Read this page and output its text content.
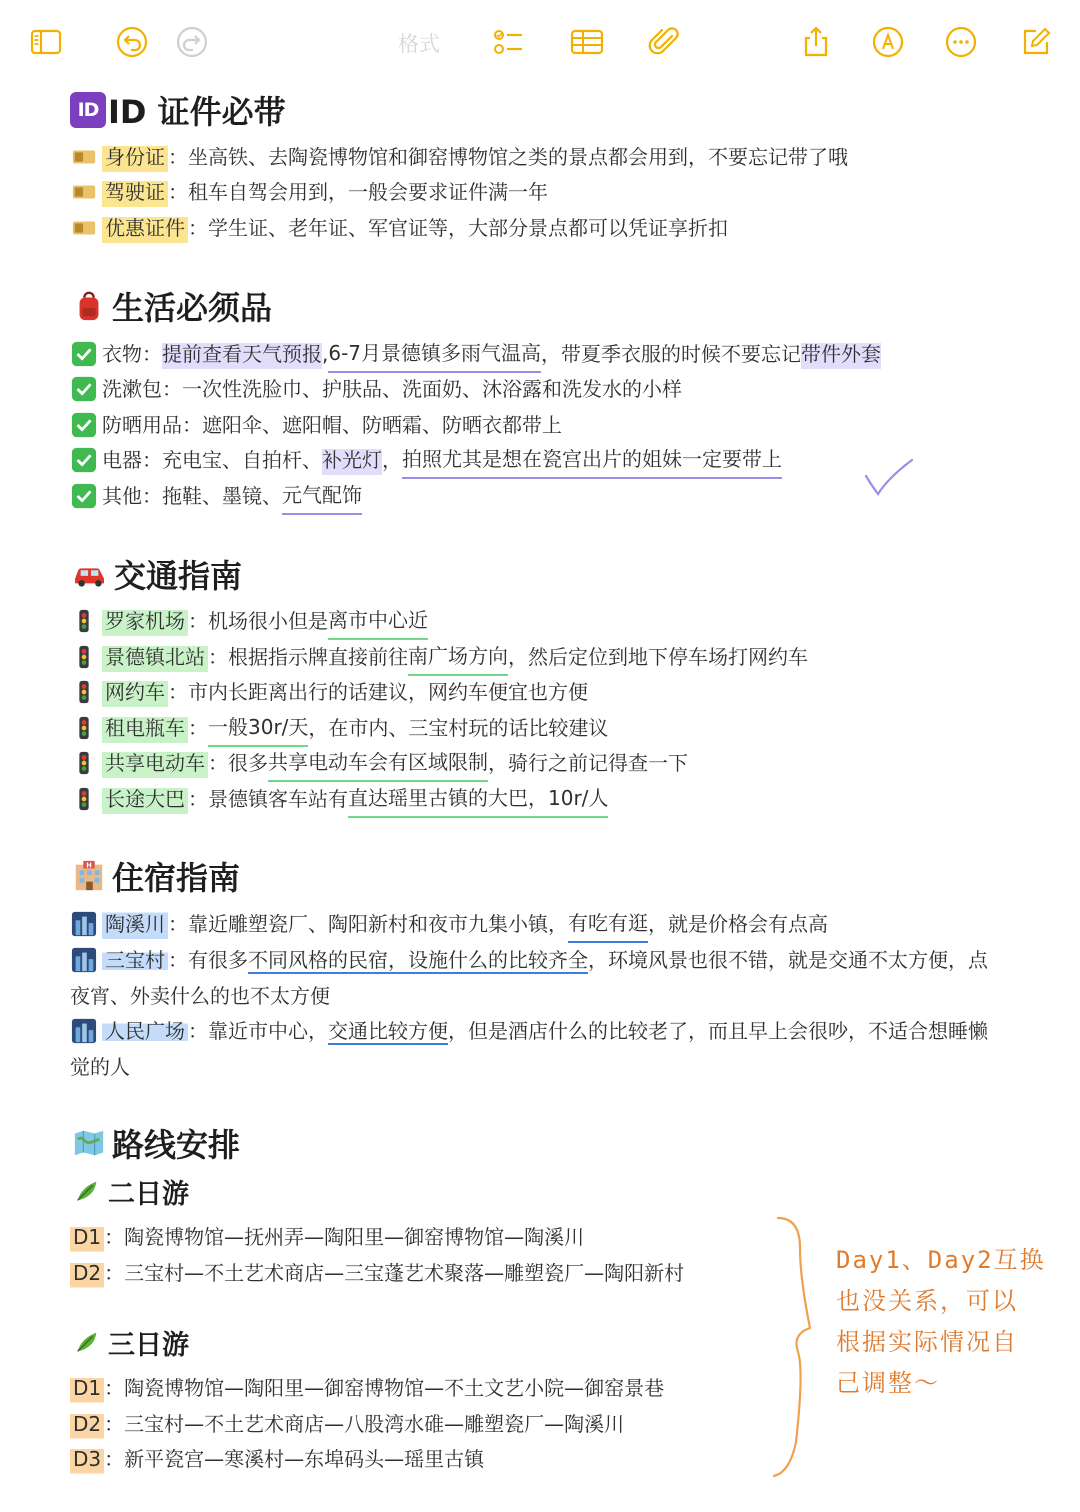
格式
ID ID 证件必带
身份证 ： 坐高铁、去陶瓷博物馆和御窑博物馆之类的景点都会用到，不要忘记带了哦
驾驶证 ： 租车自驾会用到，一般会要求证件满一年
优惠证件 ： 学生证、老年证、军官证等，大部分景点都可以凭证享折扣
生活必须品
衣物 ： 提前查看天气预报 , 6-7月景德镇多雨气温高 ，带夏季衣服的时候不要忘记 带件外套
洗漱包 ： 一次性洗脸巾、护肤品、洗面奶、沐浴露和洗发水的小样
防晒用品 ： 遮阳伞、遮阳帽、防晒霜、防晒衣都带上
电器 ： 充电宝、自拍杆、 补光灯 ， 拍照尤其是想在瓷宫出片的姐妹一定要带上
其他 ： 拖鞋、墨镜、 元气配饰
交通指南
罗家机场 ： 机场很小但是 离市中心近
景德镇北站 ： 根据指示牌直接前往 南广场方向 ，然后定位到地下停车场打网约车
网约车 ： 市内长距离出行的话建议，网约车便宜也方便
租电瓶车 ： 一般30r/天 ，在市内、三宝村玩的话比较建议
共享电动车 ： 很多 共享电动车会有区域限制 ，骑行之前记得查一下
长途大巴 ： 景德镇客车站有 直达瑶里古镇的大巴，10r/人
H 住宿指南
陶溪川 ： 靠近雕塑瓷厂、陶阳新村和夜市九集小镇， 有吃有逛 ，就是价格会有点高
三宝村 ：有很多不同风格的民宿，设施什么的比较齐全，环境风景也很不错，就是交通不太方便，点夜宵、外卖什么的也不太方便
人民广场 ：靠近市中心，交通比较方便，但是酒店什么的比较老了，而且早上会很吵，不适合想睡懒觉的人
路线安排
二日游
D1 ： 陶瓷博物馆—抚州弄—陶阳里—御窑博物馆—陶溪川
D2 ： 三宝村—不土艺术商店—三宝蓬艺术聚落—雕塑瓷厂—陶阳新村
三日游
D1 ： 陶瓷博物馆—陶阳里—御窑博物馆—不土文艺小院—御窑景巷
D2 ： 三宝村—不土艺术商店—八股湾水碓—雕塑瓷厂—陶溪川
D3 ： 新平瓷宫—寒溪村—东埠码头—瑶里古镇
Day1、Day2互换
也没关系，可以
根据实际情况自
己调整～
